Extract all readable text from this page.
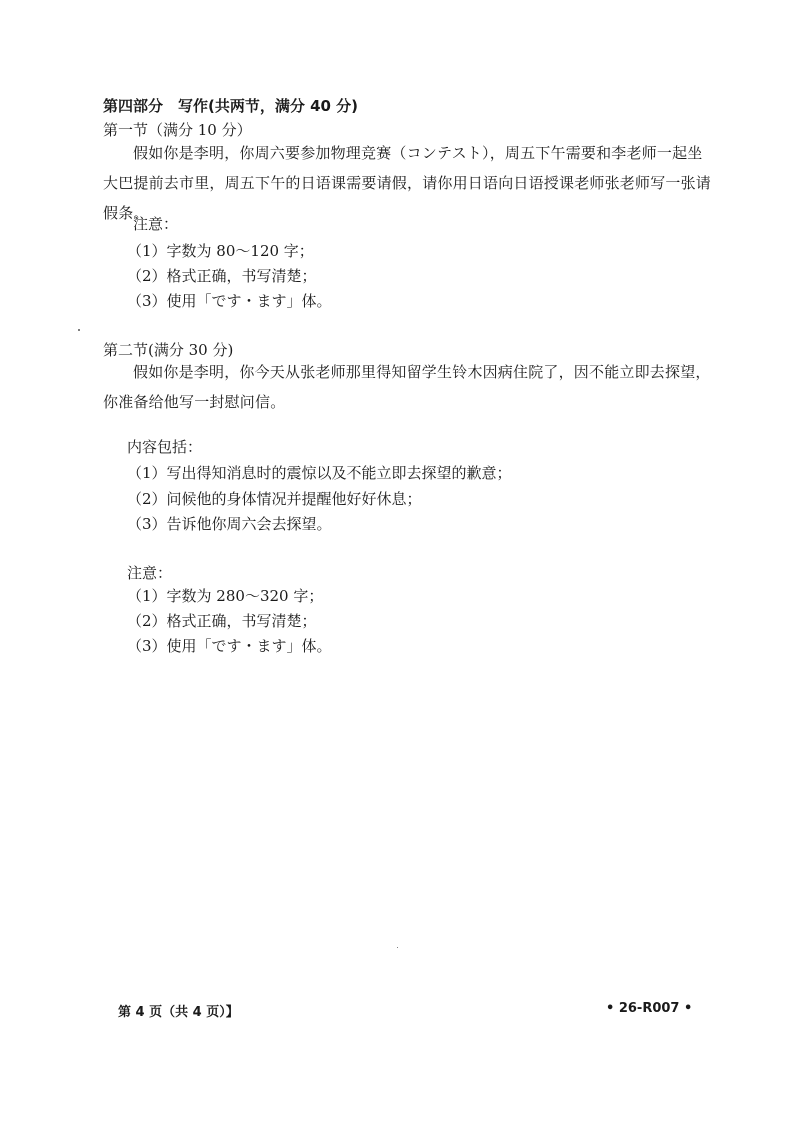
第四部分　写作(共两节，满分 40 分)
第一节（满分 10 分）
假如你是李明，你周六要参加物理竞赛（コンテスト），周五下午需要和李老师一起坐大巴提前去市里，周五下午的日语课需要请假，请你用日语向日语授课老师张老师写一张请假条。
注意：
（1）字数为 80～120 字；
（2）格式正确，书写清楚；
（3）使用「です・ます」体。
第二节(满分 30 分)
假如你是李明，你今天从张老师那里得知留学生铃木因病住院了，因不能立即去探望，你准备给他写一封慰问信。
内容包括：
（1）写出得知消息时的震惊以及不能立即去探望的歉意；
（2）问候他的身体情况并提醒他好好休息；
（3）告诉他你周六会去探望。
注意：
（1）字数为 280～320 字；
（2）格式正确，书写清楚；
（3）使用「です・ます」体。
第 4 页（共 4 页）】	• 26-R007 •
